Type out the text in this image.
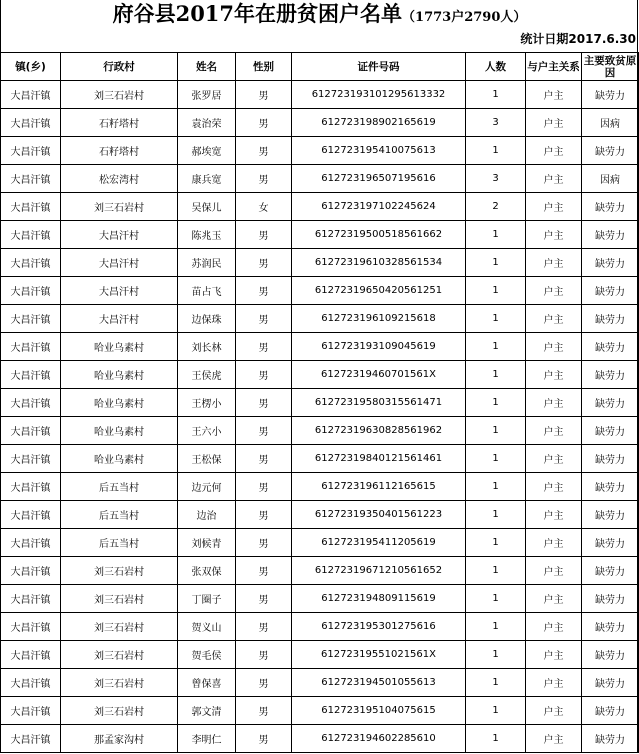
府谷县2017年在册贫困户名单（1773户2790人）
统计日期2017.6.30
镇(乡)	行政村	姓名	性别	证件号码	人数	与户主关系	主要致贫原因
大昌汗镇	刘三石岩村	张罗居	男	612723193101295613332	1	户主	缺劳力
大昌汗镇	石籽塔村	袁治荣	男	612723198902165619	3	户主	因病
大昌汗镇	石籽塔村	郝埃宽	男	612723195410075613	1	户主	缺劳力
大昌汗镇	松宏湾村	康兵宽	男	612723196507195616	3	户主	因病
大昌汗镇	刘三石岩村	吴保儿	女	612723197102245624	2	户主	缺劳力
大昌汗镇	大昌汗村	陈兆玉	男	61272319500518561662	1	户主	缺劳力
大昌汗镇	大昌汗村	苏润民	男	61272319610328561534	1	户主	缺劳力
大昌汗镇	大昌汗村	苗占飞	男	61272319650420561251	1	户主	缺劳力
大昌汗镇	大昌汗村	边保珠	男	612723196109215618	1	户主	缺劳力
大昌汗镇	哈业乌素村	刘长林	男	612723193109045619	1	户主	缺劳力
大昌汗镇	哈业乌素村	王侯虎	男	61272319460701561X	1	户主	缺劳力
大昌汗镇	哈业乌素村	王楞小	男	61272319580315561471	1	户主	缺劳力
大昌汗镇	哈业乌素村	王六小	男	61272319630828561962	1	户主	缺劳力
大昌汗镇	哈业乌素村	王松保	男	61272319840121561461	1	户主	缺劳力
大昌汗镇	后五当村	边元何	男	612723196112165615	1	户主	缺劳力
大昌汗镇	后五当村	边治	男	61272319350401561223	1	户主	缺劳力
大昌汗镇	后五当村	刘候青	男	612723195411205619	1	户主	缺劳力
大昌汗镇	刘三石岩村	张双保	男	61272319671210561652	1	户主	缺劳力
大昌汗镇	刘三石岩村	丁圈子	男	612723194809115619	1	户主	缺劳力
大昌汗镇	刘三石岩村	贺义山	男	612723195301275616	1	户主	缺劳力
大昌汗镇	刘三石岩村	贺毛侯	男	61272319551021561X	1	户主	缺劳力
大昌汗镇	刘三石岩村	曾保喜	男	612723194501055613	1	户主	缺劳力
大昌汗镇	刘三石岩村	郭文清	男	612723195104075615	1	户主	缺劳力
大昌汗镇	那孟家沟村	李明仁	男	612723194602285610	1	户主	缺劳力
